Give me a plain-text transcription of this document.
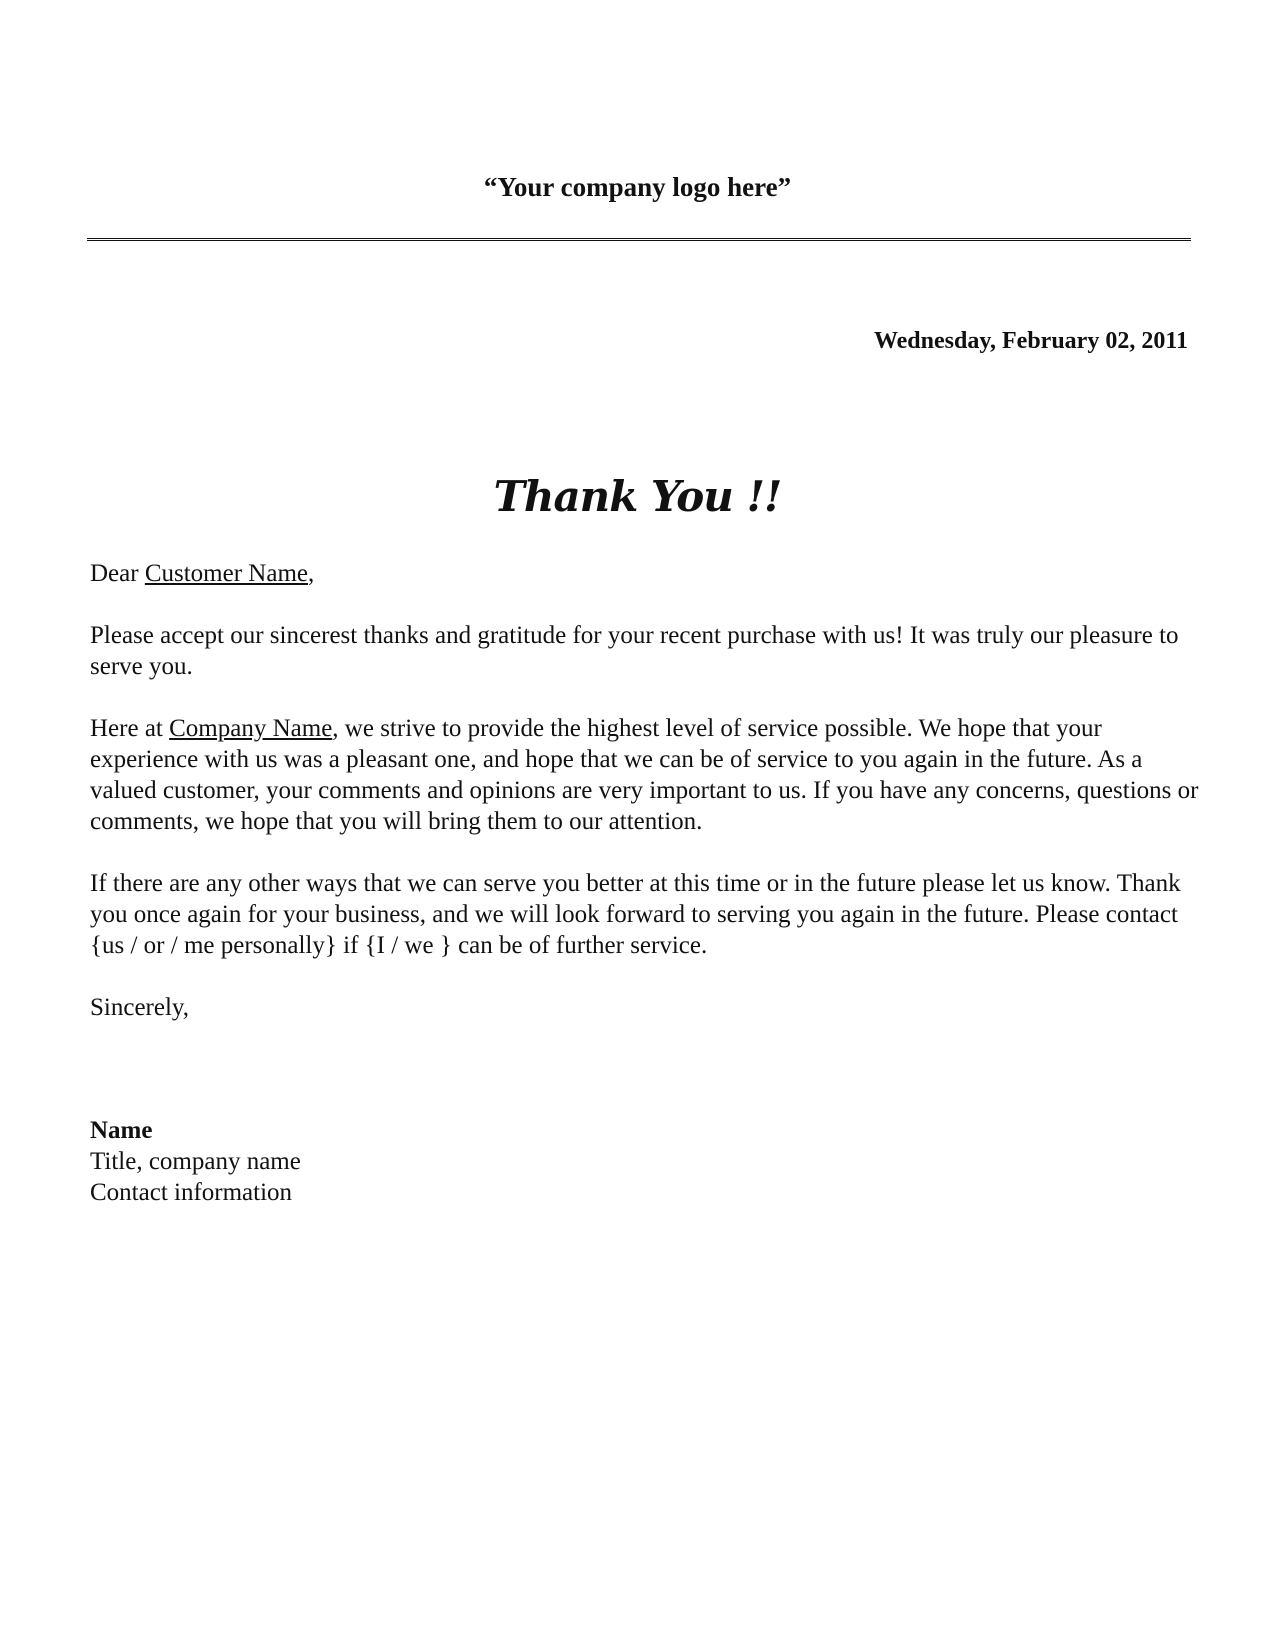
“Your company logo here”
Wednesday, February 02, 2011
Thank You !!
Dear Customer Name,

Please accept our sincerest thanks and gratitude for your recent purchase with us! It was truly our pleasure to serve you.

Here at Company Name, we strive to provide the highest level of service possible. We hope that your experience with us was a pleasant one, and hope that we can be of service to you again in the future. As a valued customer, your comments and opinions are very important to us. If you have any concerns, questions or comments, we hope that you will bring them to our attention.

If there are any other ways that we can serve you better at this time or in the future please let us know. Thank you once again for your business, and we will look forward to serving you again in the future. Please contact {us / or / me personally} if {I / we } can be of further service.

Sincerely,
Name
Title, company name
Contact information
